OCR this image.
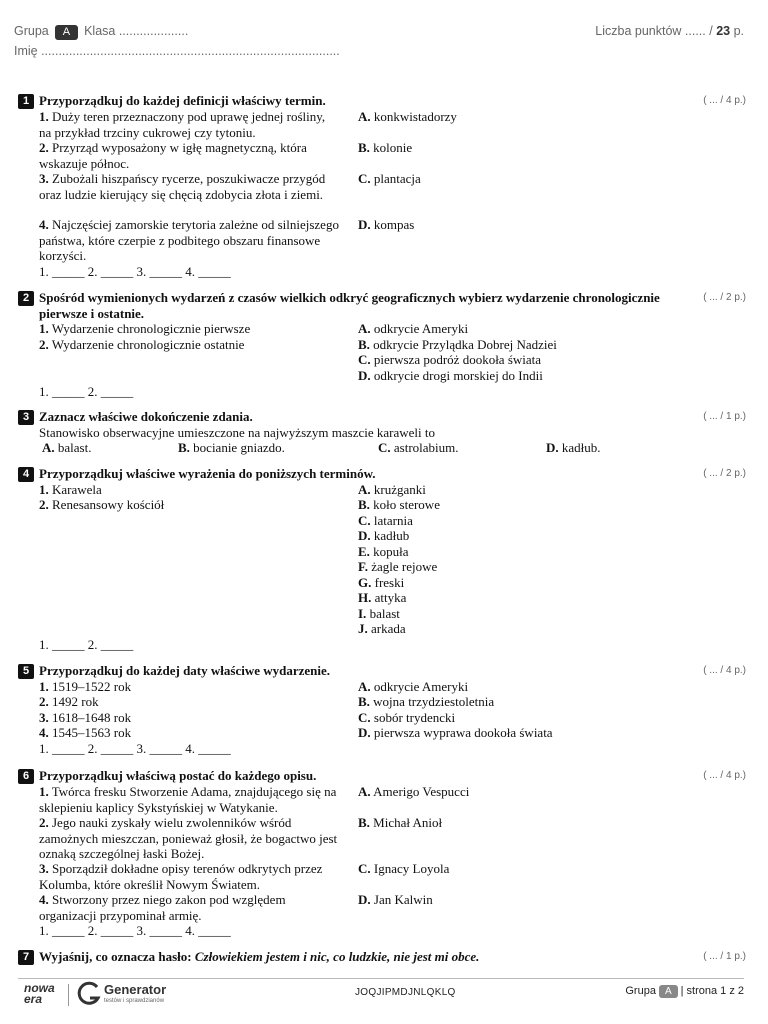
Grupa A Klasa ....................
Imię ......................................................................................
Liczba punktów ...... / 23 p.
1 Przyporządkuj do każdej definicji właściwy termin.	( ... / 4 p.)
1. Duży teren przeznaczony pod uprawę jednej rośliny, na przykład trzciny cukrowej czy tytoniu.
2. Przyrząd wyposażony w igłę magnetyczną, która wskazuje północ.
3. Zubożali hiszpańscy rycerze, poszukiwacze przygód oraz ludzie kierujący się chęcią zdobycia złota i ziemi.
4. Najczęściej zamorskie terytoria zależne od silniejszego państwa, które czerpie z podbitego obszaru finansowe korzyści.
A. konkwistadorzy
B. kolonie
C. plantacja
D. kompas
1. _____ 2. _____ 3. _____ 4. _____
2 Spośród wymienionych wydarzeń z czasów wielkich odkryć geograficznych wybierz wydarzenie chronologicznie pierwsze i ostatnie.
( ... / 2 p.)
1. Wydarzenie chronologicznie pierwsze
2. Wydarzenie chronologicznie ostatnie
A. odkrycie Ameryki
B. odkrycie Przylądka Dobrej Nadziei
C. pierwsza podróż dookoła świata
D. odkrycie drogi morskiej do Indii
1. _____ 2. _____
3 Zaznacz właściwe dokończenie zdania.	( ... / 1 p.)
Stanowisko obserwacyjne umieszczone na najwyższym maszcie karaweli to
A. balast.	B. bocianie gniazdo.	C. astrolabium.	D. kadłub.
4 Przyporządkuj właściwe wyrażenia do poniższych terminów.	( ... / 2 p.)
1. Karawela
2. Renesansowy kościół
A. krużganki
B. koło sterowe
C. latarnia
D. kadłub
E. kopuła
F. żagle rejowe
G. freski
H. attyka
I. balast
J. arkada
1. _____ 2. _____
5 Przyporządkuj do każdej daty właściwe wydarzenie.	( ... / 4 p.)
1. 1519–1522 rok
2. 1492 rok
3. 1618–1648 rok
4. 1545–1563 rok
A. odkrycie Ameryki
B. wojna trzydziestoletnia
C. sobór trydencki
D. pierwsza wyprawa dookoła świata
1. _____ 2. _____ 3. _____ 4. _____
6 Przyporządkuj właściwą postać do każdego opisu.	( ... / 4 p.)
1. Twórca fresku Stworzenie Adama, znajdującego się na sklepieniu kaplicy Sykstyńskiej w Watykanie.
2. Jego nauki zyskały wielu zwolenników wśród zamożnych mieszczan, ponieważ głosił, że bogactwo jest oznaką szczególnej łaski Bożej.
3. Sporządził dokładne opisy terenów odkrytych przez Kolumba, które określił Nowym Światem.
4. Stworzony przez niego zakon pod względem organizacji przypominał armię.
A. Amerigo Vespucci
B. Michał Anioł
C. Ignacy Loyola
D. Jan Kalwin
1. _____ 2. _____ 3. _____ 4. _____
7 Wyjaśnij, co oznacza hasło: Człowiekiem jestem i nic, co ludzkie, nie jest mi obce.	( ... / 1 p.)
nowa era
Generator
testów i sprawdzianów
JOQJIPMDJNLQKLQ	Grupa A | strona 1 z 2
